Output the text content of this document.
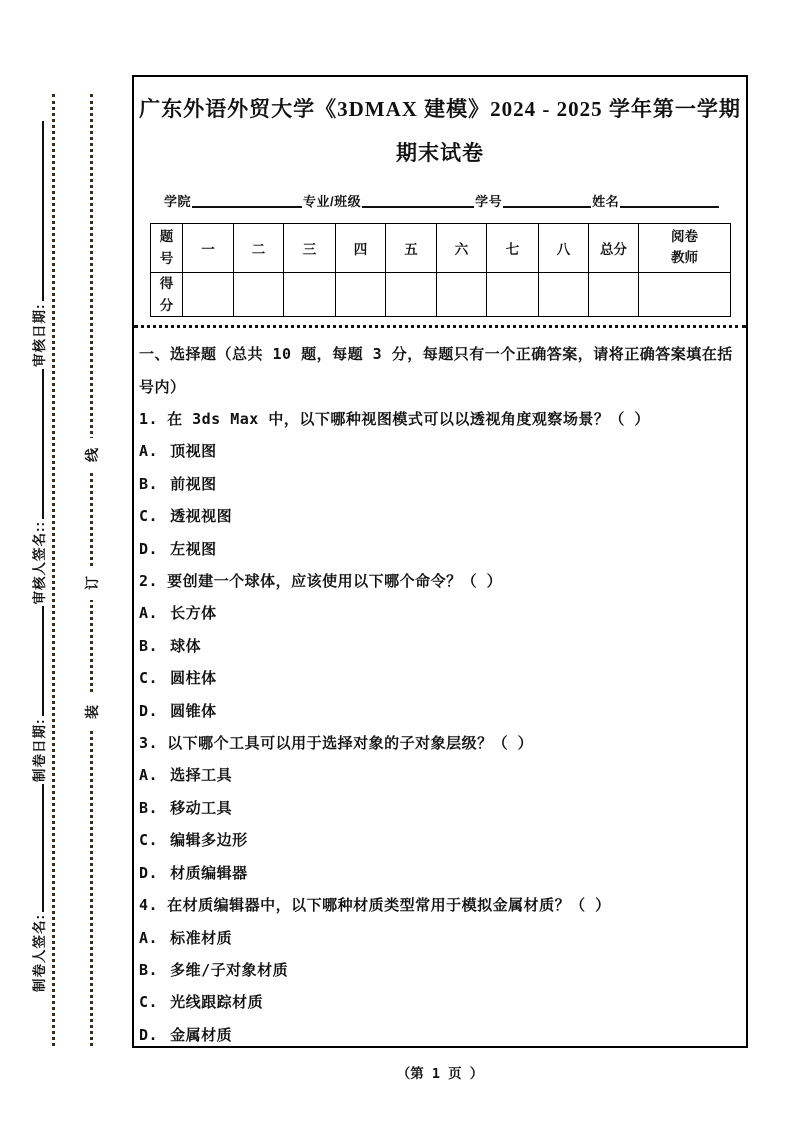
制卷人签名:
制卷日期:
审核人签名::
审核日期:
广东外语外贸大学《3DMAX 建模》2024 - 2025 学年第一学期期末试卷
学院	专业/班级	学号	姓名
题号	一	二	三	四	五	六	七	八	总分	阅卷教师
得分										
一、选择题（总共 10 题，每题 3 分，每题只有一个正确答案，请将正确答案填在括号内）
1. 在 3ds Max 中，以下哪种视图模式可以以透视角度观察场景？（ ）
A. 顶视图
B. 前视图
C. 透视视图
D. 左视图
2. 要创建一个球体，应该使用以下哪个命令？（ ）
A. 长方体
B. 球体
C. 圆柱体
D. 圆锥体
3. 以下哪个工具可以用于选择对象的子对象层级？（ ）
A. 选择工具
B. 移动工具
C. 编辑多边形
D. 材质编辑器
4. 在材质编辑器中，以下哪种材质类型常用于模拟金属材质？（ ）
A. 标准材质
B. 多维/子对象材质
C. 光线跟踪材质
D. 金属材质
（第 1 页 ）
装
订
线
